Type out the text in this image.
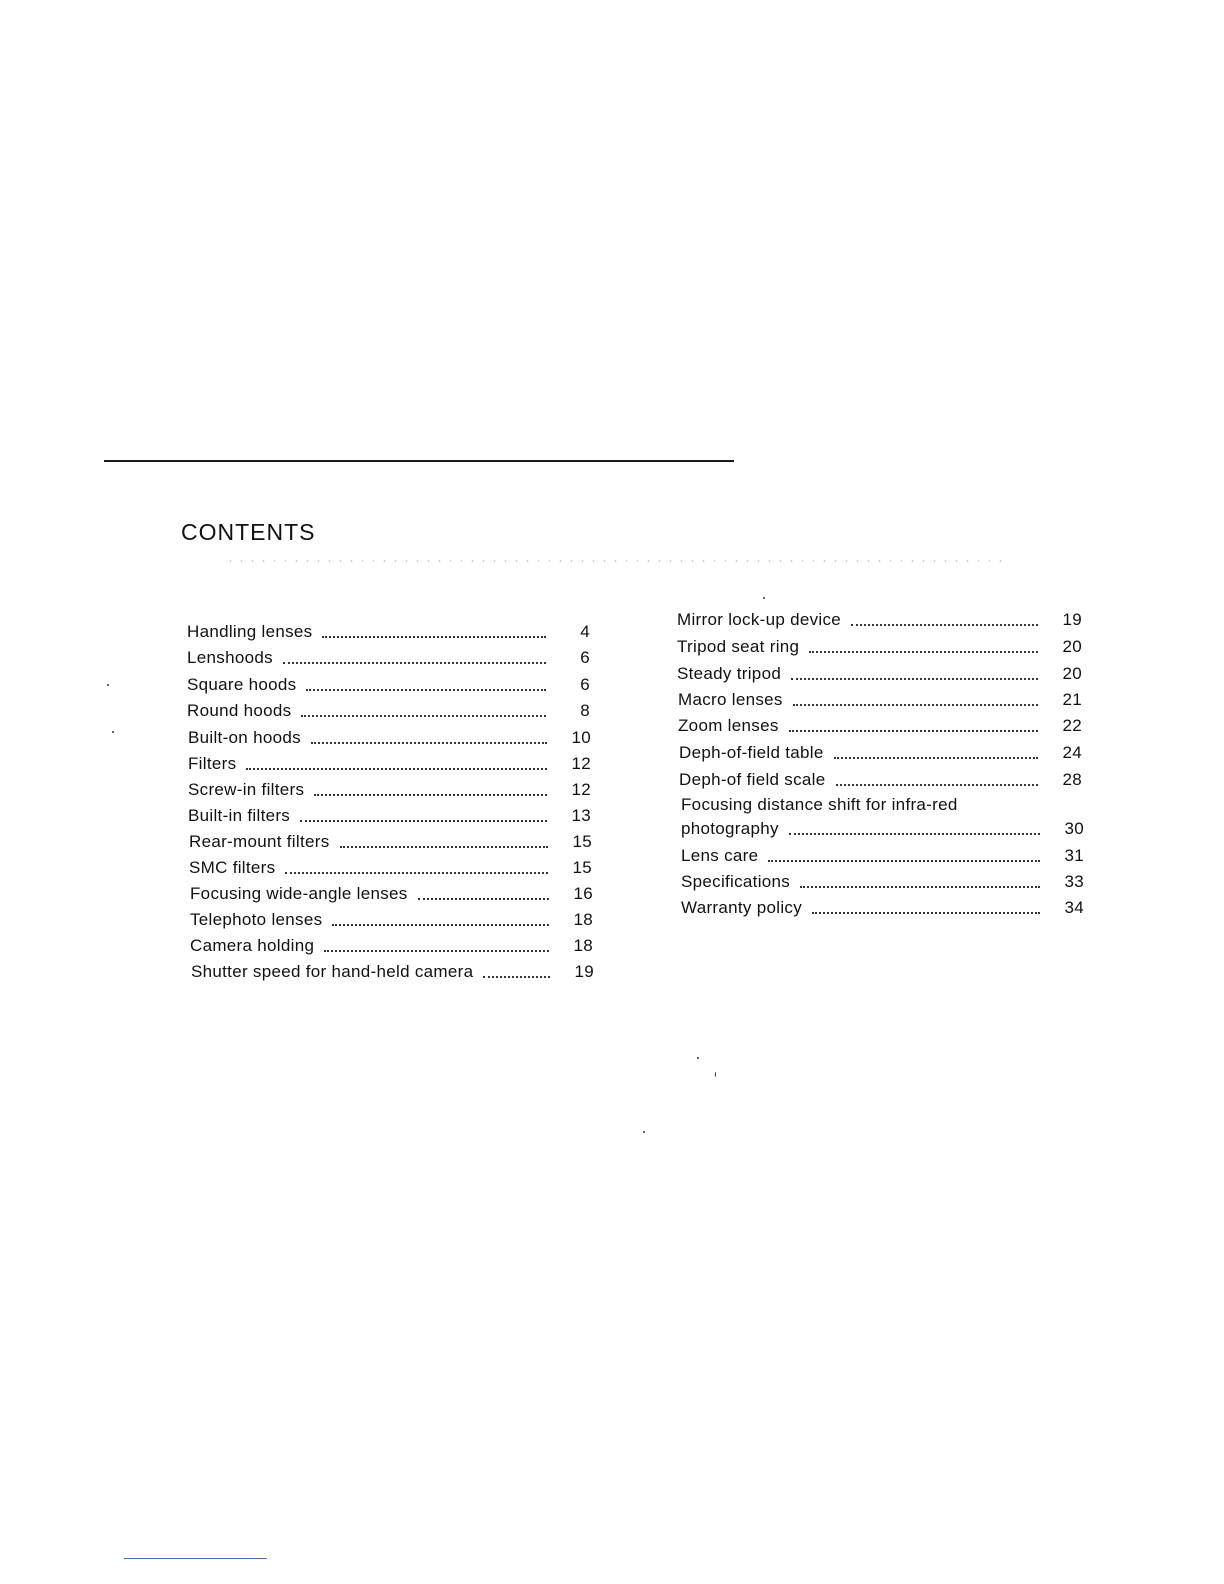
CONTENTS
Handling lenses	4
Lenshoods	6
Square hoods	6
Round hoods	8
Built-on hoods	10
Filters	12
Screw-in filters	12
Built-in filters	13
Rear-mount filters	15
SMC filters	15
Focusing wide-angle lenses	16
Telephoto lenses	18
Camera holding	18
Shutter speed for hand-held camera	19
Mirror lock-up device	19
Tripod seat ring	20
Steady tripod	20
Macro lenses	21
Zoom lenses	22
Deph-of-field table	24
Deph-of field scale	28
Focusing distance shift for infra-red
photography	30
Lens care	31
Specifications	33
Warranty policy	34
